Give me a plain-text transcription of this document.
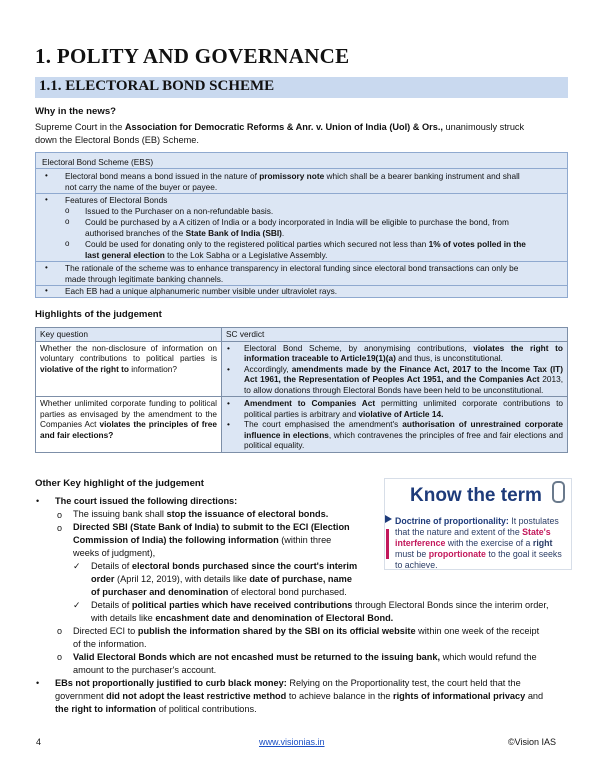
1. POLITY AND GOVERNANCE
1.1. ELECTORAL BOND SCHEME
Why in the news?
Supreme Court in the Association for Democratic Reforms & Anr. v. Union of India (UoI) & Ors., unanimously struck
down the Electoral Bonds (EB) Scheme.
Electoral Bond Scheme (EBS)
• Electoral bond means a bond issued in the nature of promissory note which shall be a bearer banking instrument and shall
not carry the name of the buyer or payee.
• Features of Electoral Bonds
o Issued to the Purchaser on a non-refundable basis.
o Could be purchased by a A citizen of India or a body incorporated in India will be eligible to purchase the bond, from
authorised branches of the State Bank of India (SBI).
o Could be used for donating only to the registered political parties which secured not less than 1% of votes polled in the
last general election to the Lok Sabha or a Legislative Assembly.
• The rationale of the scheme was to enhance transparency in electoral funding since electoral bond transactions can only be
made through legitimate banking channels.
• Each EB had a unique alphanumeric number visible under ultraviolet rays.
Highlights of the judgement
Key question	SC verdict
Whether the non-disclosure of information on voluntary contributions to political parties is violative of the right to information?	• Electoral Bond Scheme, by anonymising contributions, violates the right to information traceable to Article19(1)(a) and thus, is unconstitutional.
• Accordingly, amendments made by the Finance Act, 2017 to the Income Tax (IT) Act 1961, the Representation of Peoples Act 1951, and the Companies Act 2013, to allow donations through Electoral Bonds have been held to be unconstitutional.

Whether unlimited corporate funding to political parties as envisaged by the amendment to the Companies Act violates the principles of free and fair elections?	• Amendment to Companies Act permitting unlimited corporate contributions to political parties is arbitrary and violative of Article 14.
• The court emphasised the amendment's authorisation of unrestrained corporate influence in elections, which contravenes the principles of free and fair elections and political equality.
Other Key highlight of the judgement
Know the term
Doctrine of proportionality: It postulates that the nature and extent of the State's interference with the exercise of a right must be proportionate to the goal it seeks to achieve.
• The court issued the following directions:
o The issuing bank shall stop the issuance of electoral bonds.
o Directed SBI (State Bank of India) to submit to the ECI (Election
Commission of India) the following information (within three
weeks of judgment),
✓ Details of electoral bonds purchased since the court's interim
order (April 12, 2019), with details like date of purchase, name
of purchaser and denomination of electoral bond purchased.
✓ Details of political parties which have received contributions through Electoral Bonds since the interim order,
with details like encashment date and denomination of Electoral Bond.
o Directed ECI to publish the information shared by the SBI on its official website within one week of the receipt
of the information.
o Valid Electoral Bonds which are not encashed must be returned to the issuing bank, which would refund the
amount to the purchaser's account.
• EBs not proportionally justified to curb black money: Relying on the Proportionality test, the court held that the
government did not adopt the least restrictive method to achieve balance in the rights of informational privacy and
the right to information of political contributions.
4	www.visionias.in	©Vision IAS
